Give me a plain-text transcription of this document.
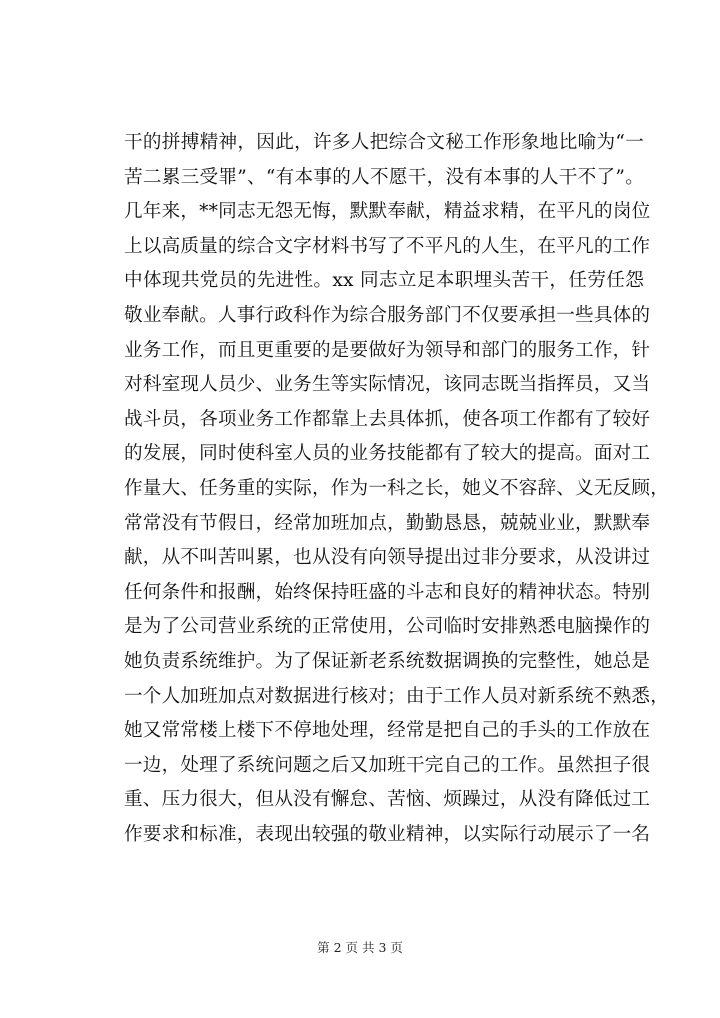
干的拼搏精神，因此，许多人把综合文秘工作形象地比喻为“一
苦二累三受罪”、“有本事的人不愿干，没有本事的人干不了”。
几年来，**同志无怨无悔，默默奉献，精益求精，在平凡的岗位
上以高质量的综合文字材料书写了不平凡的人生，在平凡的工作
中体现共党员的先进性。xx 同志立足本职埋头苦干，任劳任怨
敬业奉献。人事行政科作为综合服务部门不仅要承担一些具体的
业务工作，而且更重要的是要做好为领导和部门的服务工作，针
对科室现人员少、业务生等实际情况，该同志既当指挥员，又当
战斗员，各项业务工作都靠上去具体抓，使各项工作都有了较好
的发展，同时使科室人员的业务技能都有了较大的提高。面对工
作量大、任务重的实际，作为一科之长，她义不容辞、义无反顾，
常常没有节假日，经常加班加点，勤勤恳恳，兢兢业业，默默奉
献，从不叫苦叫累，也从没有向领导提出过非分要求，从没讲过
任何条件和报酬，始终保持旺盛的斗志和良好的精神状态。特别
是为了公司营业系统的正常使用，公司临时安排熟悉电脑操作的
她负责系统维护。为了保证新老系统数据调换的完整性，她总是
一个人加班加点对数据进行核对；由于工作人员对新系统不熟悉，
她又常常楼上楼下不停地处理，经常是把自己的手头的工作放在
一边，处理了系统问题之后又加班干完自己的工作。虽然担子很
重、压力很大，但从没有懈怠、苦恼、烦躁过，从没有降低过工
作要求和标准，表现出较强的敬业精神，以实际行动展示了一名
第 2 页 共 3 页
